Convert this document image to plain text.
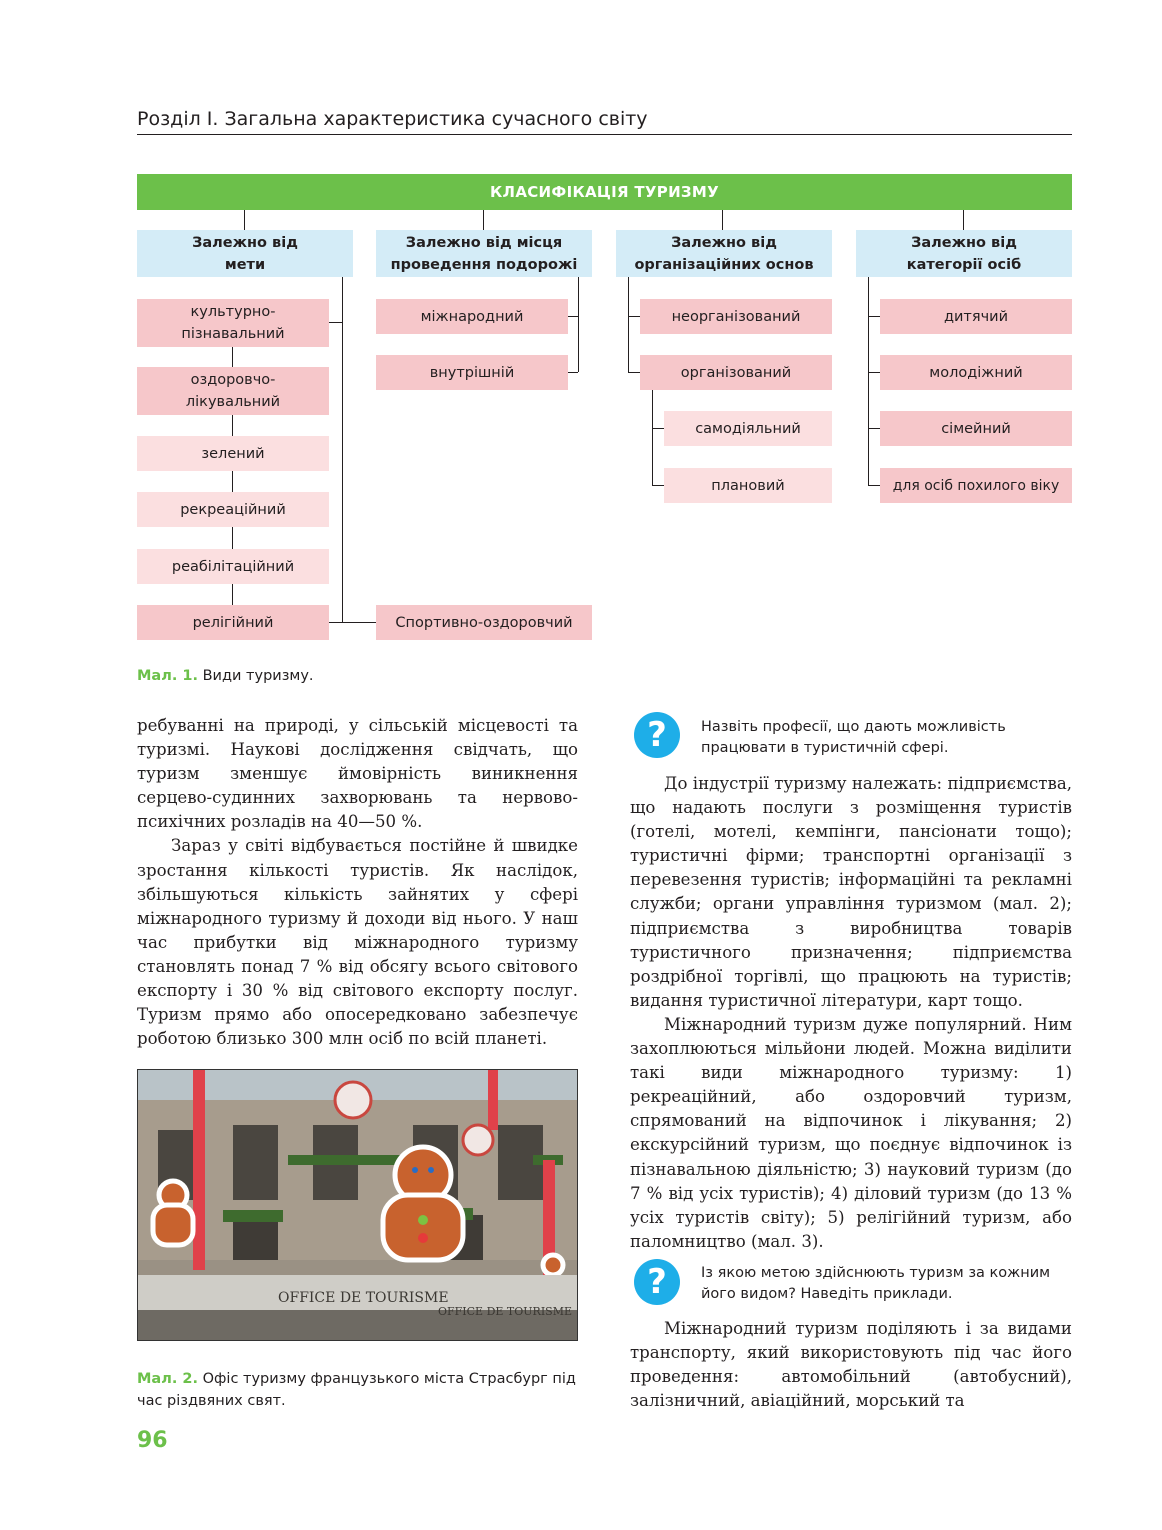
Розділ І. Загальна характеристика сучасного світу
КЛАСИФІКАЦІЯ ТУРИЗМУ
Залежно від мети
Залежно від місця проведення подорожі
Залежно від організаційних основ
Залежно від категорії осіб
культурно-пізнавальний
оздоровчо-лікувальний
зелений
рекреаційний
реабілітаційний
релігійний	Спортивно-оздоровчий
міжнародний
внутрішній
неорганізований
організований
самодіяльний
плановий
дитячий
молодіжний
сімейний
для осіб похилого віку
Мал. 1. Види туризму.

ребуванні на природі, у сільській місцевості та туризмі. Наукові дослідження свідчать, що туризм зменшує ймовірність виникнення серцево-судинних захворювань та нервово-психічних розладів на 40—50 %.

Зараз у світі відбувається постійне й швидке зростання кількості туристів. Як наслідок, збільшуються кількість зайнятих у сфері міжнародного туризму й доходи від нього. У наш час прибутки від міжнародного туризму становлять понад 7 % від обсягу всього світового експорту і 30 % від світового експорту послуг. Туризм прямо або опосередковано забезпечує роботою близько 300 млн осіб по всій планеті.

OFFICE DE TOURISME
OFFICE DE TOURISME
Мал. 2. Офіс туризму французького міста Страсбург під час різдвяних свят.
?	Назвіть професії, що дають можливість працювати в туристичній сфері.

До індустрії туризму належать: підприємства, що надають послуги з розміщення туристів (готелі, мотелі, кемпінги, пансіонати тощо); туристичні фірми; транспортні організації з перевезення туристів; інформаційні та рекламні служби; органи управління туризмом (мал. 2); підприємства з виробництва товарів туристичного призначення; підприємства роздрібної торгівлі, що працюють на туристів; видання туристичної літератури, карт тощо.

Міжнародний туризм дуже популярний. Ним захоплюються мільйони людей. Можна виділити такі види міжнародного туризму: 1) рекреаційний, або оздоровчий туризм, спрямований на відпочинок і лікування; 2) екскурсійний туризм, що поєднує відпочинок із пізнавальною діяльністю; 3) науковий туризм (до 7 % від усіх туристів); 4) діловий туризм (до 13 % усіх туристів світу); 5) релігійний туризм, або паломництво (мал. 3).

?	Із якою метою здійснюють туризм за кожним його видом? Наведіть приклади.

Міжнародний туризм поділяють і за видами транспорту, який використовують під час його проведення: автомобільний (автобусний), залізничний, авіаційний, морський та

96
